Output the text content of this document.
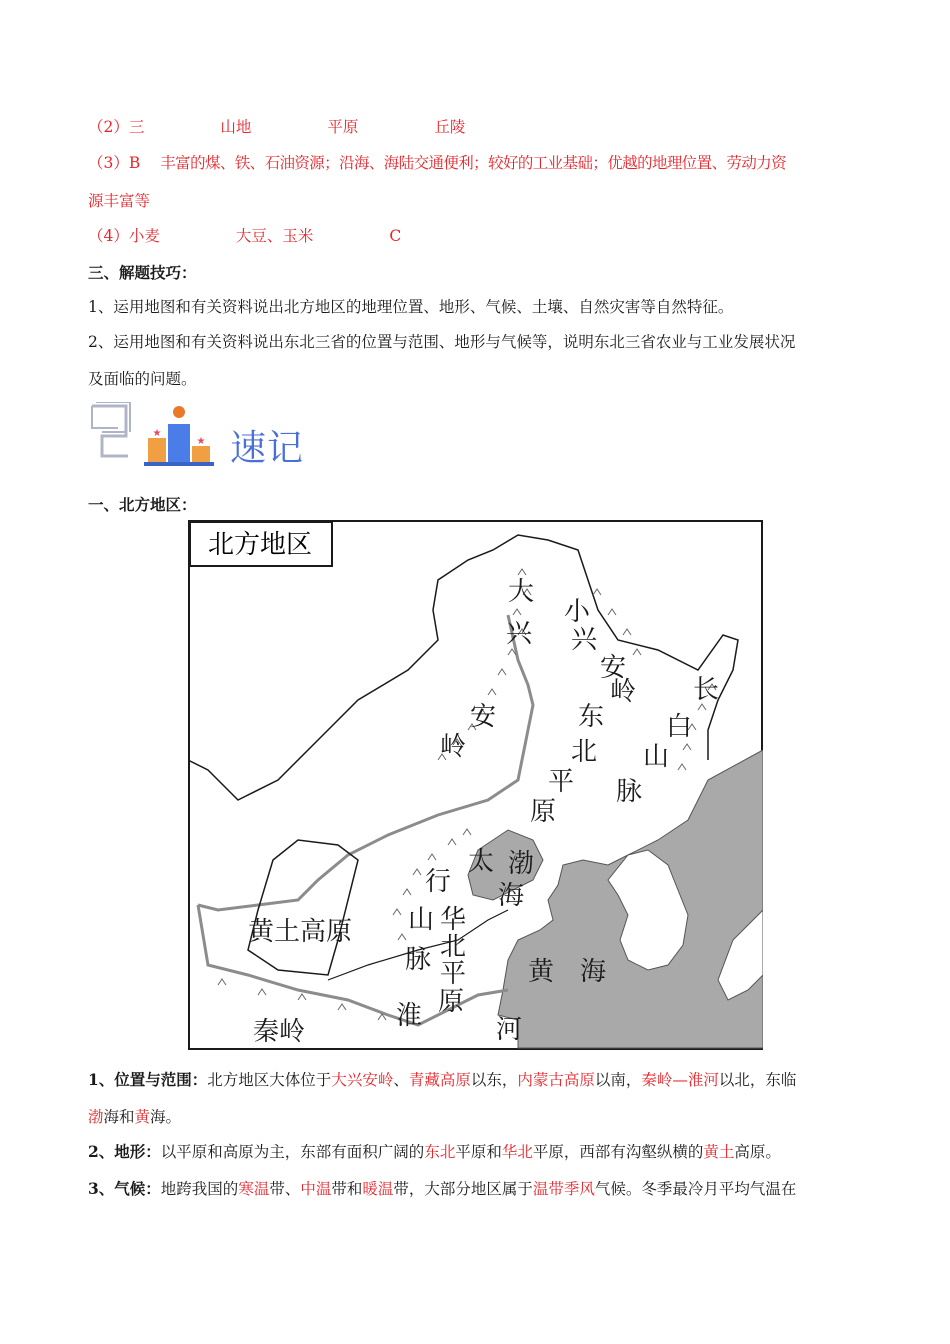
（2）三	山地	平原	丘陵
（3）B 丰富的煤、铁、石油资源；沿海、海陆交通便利；较好的工业基础；优越的地理位置、劳动力资
源丰富等
（4）小麦	大豆、玉米	C
三、解题技巧：
1、运用地图和有关资料说出北方地区的地理位置、地形、气候、土壤、自然灾害等自然特征。
2、运用地图和有关资料说出东北三省的位置与范围、地形与气候等，说明东北三省农业与工业发展状况
及面临的问题。
★
★ 速记
一、北方地区：
北方地区
大
兴
安
岭
小
兴
安
岭 长
白
山
脉
东
北
平
原
太
行
山
脉
华
北
平
原
渤
海
黄 海
黄土高原
秦岭
淮	河
1、位置与范围：北方地区大体位于大兴安岭、青藏高原以东，内蒙古高原以南，秦岭—淮河以北，东临
渤海和黄海。
2、地形：以平原和高原为主，东部有面积广阔的东北平原和华北平原，西部有沟壑纵横的黄土高原。
3、气候：地跨我国的寒温带、中温带和暖温带，大部分地区属于温带季风气候。冬季最冷月平均气温在
